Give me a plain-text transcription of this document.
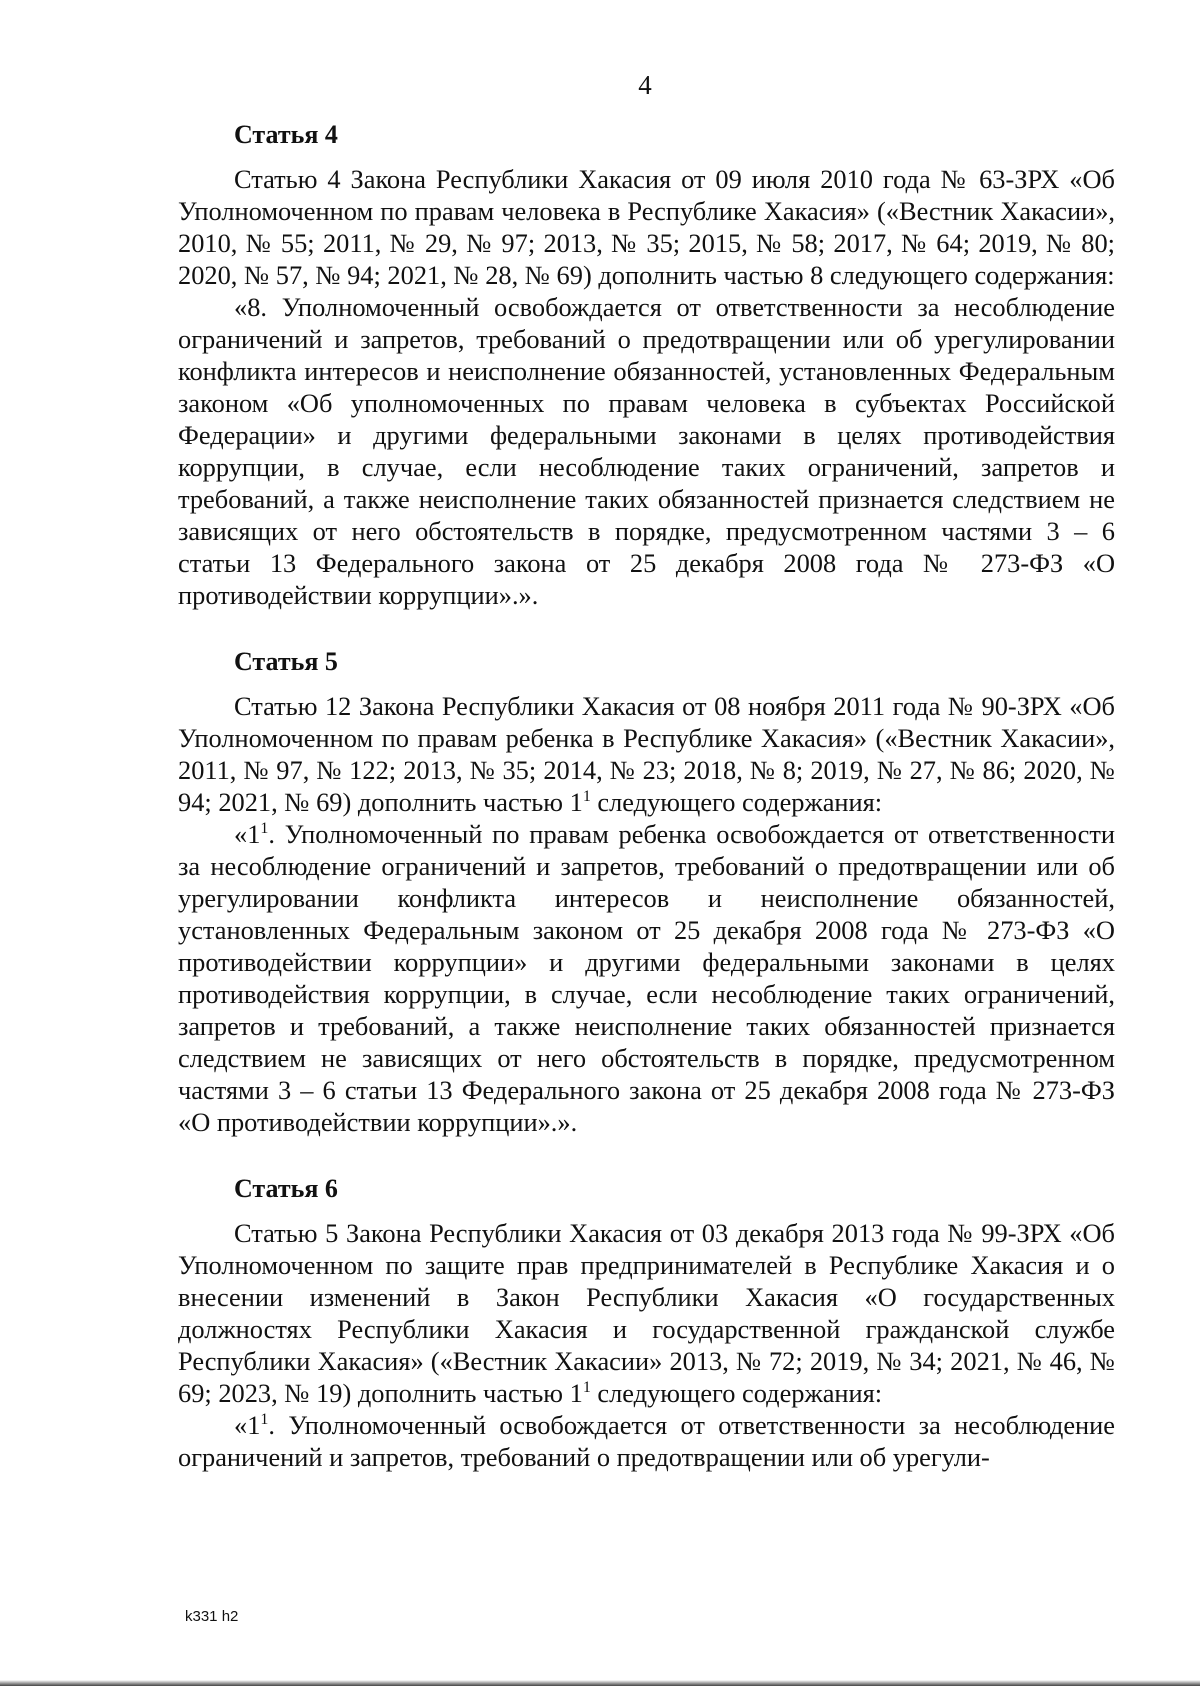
4
Статья 4

Статью 4 Закона Республики Хакасия от 09 июля 2010 года № 63-ЗРХ «Об Уполномоченном по правам человека в Республике Хакасия» («Вестник Хакасии», 2010, № 55; 2011, № 29, № 97; 2013, № 35; 2015, № 58; 2017, № 64; 2019, № 80; 2020, № 57, № 94; 2021, № 28, № 69) дополнить частью 8 следующего содержания:

«8. Уполномоченный освобождается от ответственности за несоблюдение ограничений и запретов, требований о предотвращении или об урегулировании конфликта интересов и неисполнение обязанностей, установленных Федеральным законом «Об уполномоченных по правам человека в субъектах Российской Федерации» и другими федеральными законами в целях противодействия коррупции, в случае, если несоблюдение таких ограничений, запретов и требований, а также неисполнение таких обязанностей признается следствием не зависящих от него обстоятельств в порядке, предусмотренном частями 3 – 6 статьи 13 Федерального закона от 25 декабря 2008 года № 273-ФЗ «О противодействии коррупции».».

Статья 5

Статью 12 Закона Республики Хакасия от 08 ноября 2011 года № 90-ЗРХ «Об Уполномоченном по правам ребенка в Республике Хакасия» («Вестник Хакасии», 2011, № 97, № 122; 2013, № 35; 2014, № 23; 2018, № 8; 2019, № 27, № 86; 2020, № 94; 2021, № 69) дополнить частью $1^1$ следующего содержания:

«$1^1$. Уполномоченный по правам ребенка освобождается от ответственности за несоблюдение ограничений и запретов, требований о предотвращении или об урегулировании конфликта интересов и неисполнение обязанностей, установленных Федеральным законом от 25 декабря 2008 года № 273-ФЗ «О противодействии коррупции» и другими федеральными законами в целях противодействия коррупции, в случае, если несоблюдение таких ограничений, запретов и требований, а также неисполнение таких обязанностей признается следствием не зависящих от него обстоятельств в порядке, предусмотренном частями 3 – 6 статьи 13 Федерального закона от 25 декабря 2008 года № 273-ФЗ «О противодействии коррупции».».

Статья 6

Статью 5 Закона Республики Хакасия от 03 декабря 2013 года № 99-ЗРХ «Об Уполномоченном по защите прав предпринимателей в Республике Хакасия и о внесении изменений в Закон Республики Хакасия «О государственных должностях Республики Хакасия и государственной гражданской службе Республики Хакасия» («Вестник Хакасии» 2013, № 72; 2019, № 34; 2021, № 46, № 69; 2023, № 19) дополнить частью $1^1$ следующего содержания:

«$1^1$. Уполномоченный освобождается от ответственности за несоблюдение ограничений и запретов, требований о предотвращении или об урегули-

k331 h2
